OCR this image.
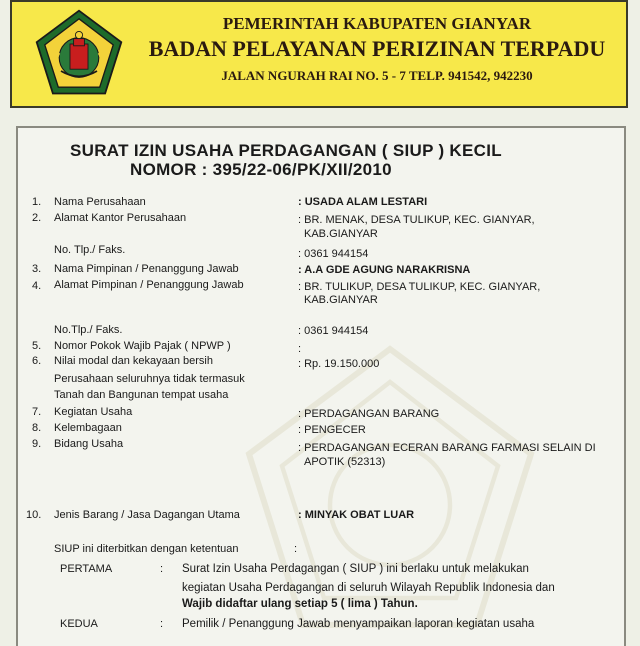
PEMERINTAH KABUPATEN GIANYAR
BADAN PELAYANAN PERIZINAN TERPADU
JALAN NGURAH RAI NO. 5 - 7 TELP. 941542, 942230
SURAT IZIN USAHA PERDAGANGAN ( SIUP ) KECIL
NOMOR : 395/22-06/PK/XII/2010
1. Nama Perusahaan	: USADA ALAM LESTARI
2. Alamat Kantor Perusahaan	: BR. MENAK, DESA TULIKUP, KEC. GIANYAR,
KAB.GIANYAR
No. Tlp./ Faks.	: 0361 944154
3. Nama Pimpinan / Penanggung Jawab	: A.A GDE AGUNG NARAKRISNA
4. Alamat Pimpinan / Penanggung Jawab	: BR. TULIKUP, DESA TULIKUP, KEC. GIANYAR,
KAB.GIANYAR
No.Tlp./ Faks.	: 0361 944154
5. Nomor Pokok Wajib Pajak ( NPWP )	:
6. Nilai modal dan kekayaan bersih
Perusahaan seluruhnya tidak termasuk
Tanah dan Bangunan tempat usaha
: Rp. 19.150.000
7. Kegiatan Usaha	: PERDAGANGAN BARANG
8. Kelembagaan	: PENGECER
9. Bidang Usaha	: PERDAGANGAN ECERAN BARANG FARMASI SELAIN DI
APOTIK (52313)
10. Jenis Barang / Jasa Dagangan Utama	: MINYAK OBAT LUAR
SIUP ini diterbitkan dengan ketentuan	:
PERTAMA	: Surat Izin Usaha Perdagangan ( SIUP ) ini berlaku untuk melakukan
kegiatan Usaha Perdagangan di seluruh Wilayah Republik Indonesia dan
Wajib didaftar ulang setiap 5 ( lima ) Tahun.
KEDUA	: Pemilik / Penanggung Jawab menyampaikan laporan kegiatan usaha
